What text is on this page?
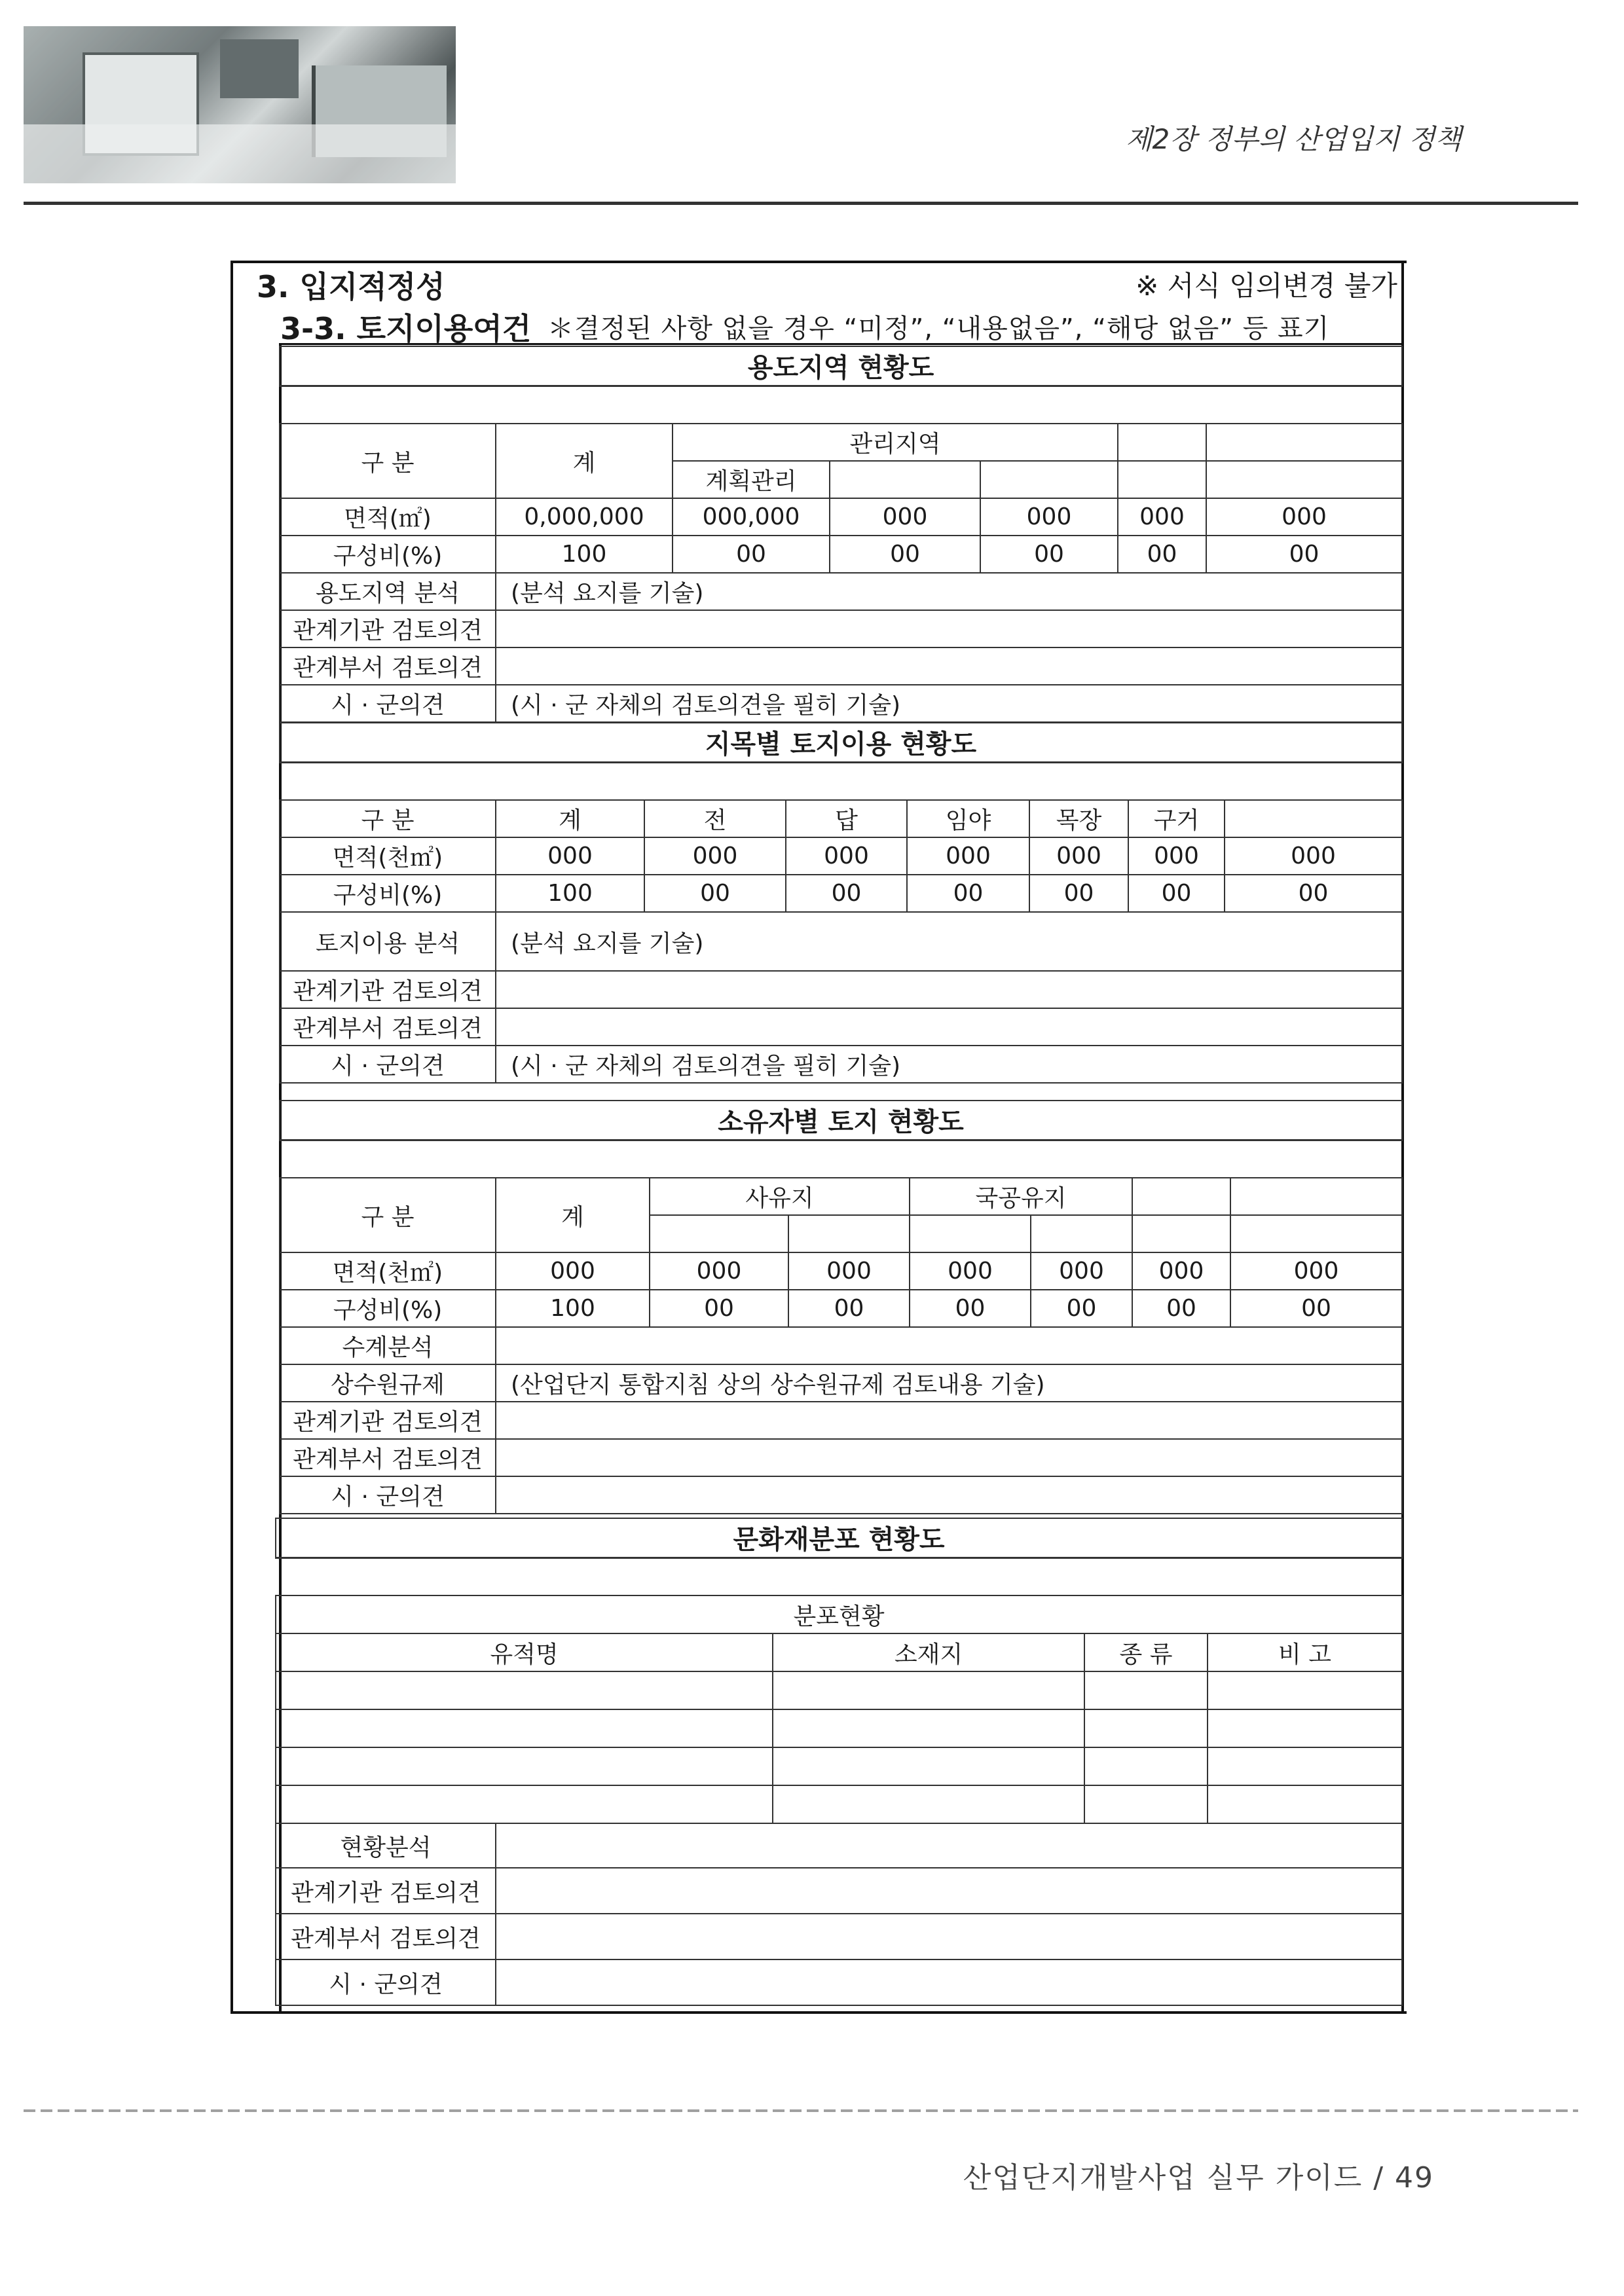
제2장 정부의 산업입지 정책
3. 입지적정성	※ 서식 임의변경 불가
3-3. 토지이용여건 ＊결정된 사항 없을 경우 “미정”, “내용없음”, “해당 없음” 등 표기
용도지역 현황도						

구 분	계	관리지역				
		계획관리				
면적(㎡)	0,000,000	000,000	000	000	000	000
구성비(%)	100	00	00	00	00	00
용도지역 분석	(분석 요지를 기술)					
관계기관 검토의견						
관계부서 검토의견						
시 · 군의견	(시 · 군 자체의 검토의견을 필히 기술)					
지목별 토지이용 현황도							

구 분	계	전	답	임야	목장	구거	
면적(천㎡)	000	000	000	000	000	000	000
구성비(%)	100	00	00	00	00	00	00
토지이용 분석	(분석 요지를 기술)						
관계기관 검토의견							
관계부서 검토의견							
시 · 군의견	(시 · 군 자체의 검토의견을 필히 기술)						
소유자별 토지 현황도							

구 분	계	사유지		국공유지			

면적(천㎡)	000	000	000	000	000	000	000
구성비(%)	100	00	00	00	00	00	00
수계분석							
상수원규제	(산업단지 통합지침 상의 상수원규제 검토내용 기술)						
관계기관 검토의견							
관계부서 검토의견							
시 · 군의견							
문화재분포 현황도				

분포현황				
유적명		소재지	종 류	비 고

현황분석				
관계기관 검토의견				
관계부서 검토의견				
시 · 군의견				
산업단지개발사업 실무 가이드 / 49
